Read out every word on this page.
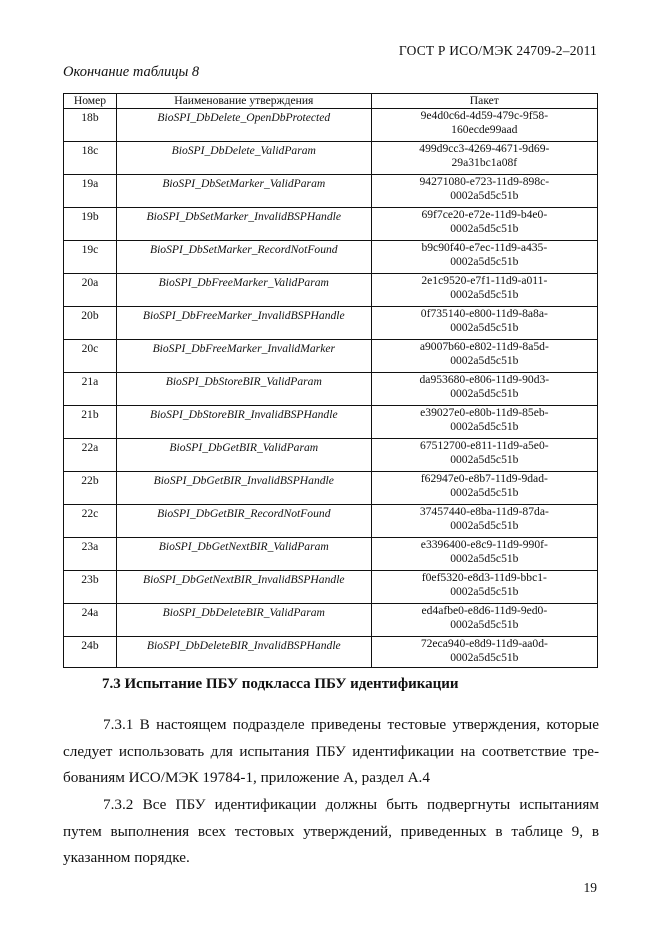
ГОСТ Р ИСО/МЭК 24709-2–2011
Окончание таблицы 8
Номер	Наименование утверждения	Пакет
18b	BioSPI_DbDelete_OpenDbProtected	9e4d0c6d-4d59-479c-9f58-
160ecde99aad

18c	BioSPI_DbDelete_ValidParam	499d9cc3-4269-4671-9d69-
29a31bc1a08f

19a	BioSPI_DbSetMarker_ValidParam	94271080-e723-11d9-898c-
0002a5d5c51b

19b	BioSPI_DbSetMarker_InvalidBSPHandle	69f7ce20-e72e-11d9-b4e0-
0002a5d5c51b

19c	BioSPI_DbSetMarker_RecordNotFound	b9c90f40-e7ec-11d9-a435-
0002a5d5c51b

20a	BioSPI_DbFreeMarker_ValidParam	2e1c9520-e7f1-11d9-a011-
0002a5d5c51b

20b	BioSPI_DbFreeMarker_InvalidBSPHandle	0f735140-e800-11d9-8a8a-
0002a5d5c51b

20c	BioSPI_DbFreeMarker_InvalidMarker	a9007b60-e802-11d9-8a5d-
0002a5d5c51b

21a	BioSPI_DbStoreBIR_ValidParam	da953680-e806-11d9-90d3-
0002a5d5c51b

21b	BioSPI_DbStoreBIR_InvalidBSPHandle	e39027e0-e80b-11d9-85eb-
0002a5d5c51b

22a	BioSPI_DbGetBIR_ValidParam	67512700-e811-11d9-a5e0-
0002a5d5c51b

22b	BioSPI_DbGetBIR_InvalidBSPHandle	f62947e0-e8b7-11d9-9dad-
0002a5d5c51b

22c	BioSPI_DbGetBIR_RecordNotFound	37457440-e8ba-11d9-87da-
0002a5d5c51b

23a	BioSPI_DbGetNextBIR_ValidParam	e3396400-e8c9-11d9-990f-
0002a5d5c51b

23b	BioSPI_DbGetNextBIR_InvalidBSPHandle	f0ef5320-e8d3-11d9-bbc1-
0002a5d5c51b

24a	BioSPI_DbDeleteBIR_ValidParam	ed4afbe0-e8d6-11d9-9ed0-
0002a5d5c51b

24b	BioSPI_DbDeleteBIR_InvalidBSPHandle	72eca940-e8d9-11d9-aa0d-
0002a5d5c51b
7.3 Испытание ПБУ подкласса ПБУ идентификации
7.3.1 В настоящем подразделе приведены тестовые утверждения, которые следует использовать для испытания ПБУ идентификации на соответствие требованиям ИСО/МЭК 19784-1, приложение А, раздел А.4
7.3.2 Все ПБУ идентификации должны быть подвергнуты испытаниям путем выполнения всех тестовых утверждений, приведенных в таблице 9, в указанном порядке.
19
